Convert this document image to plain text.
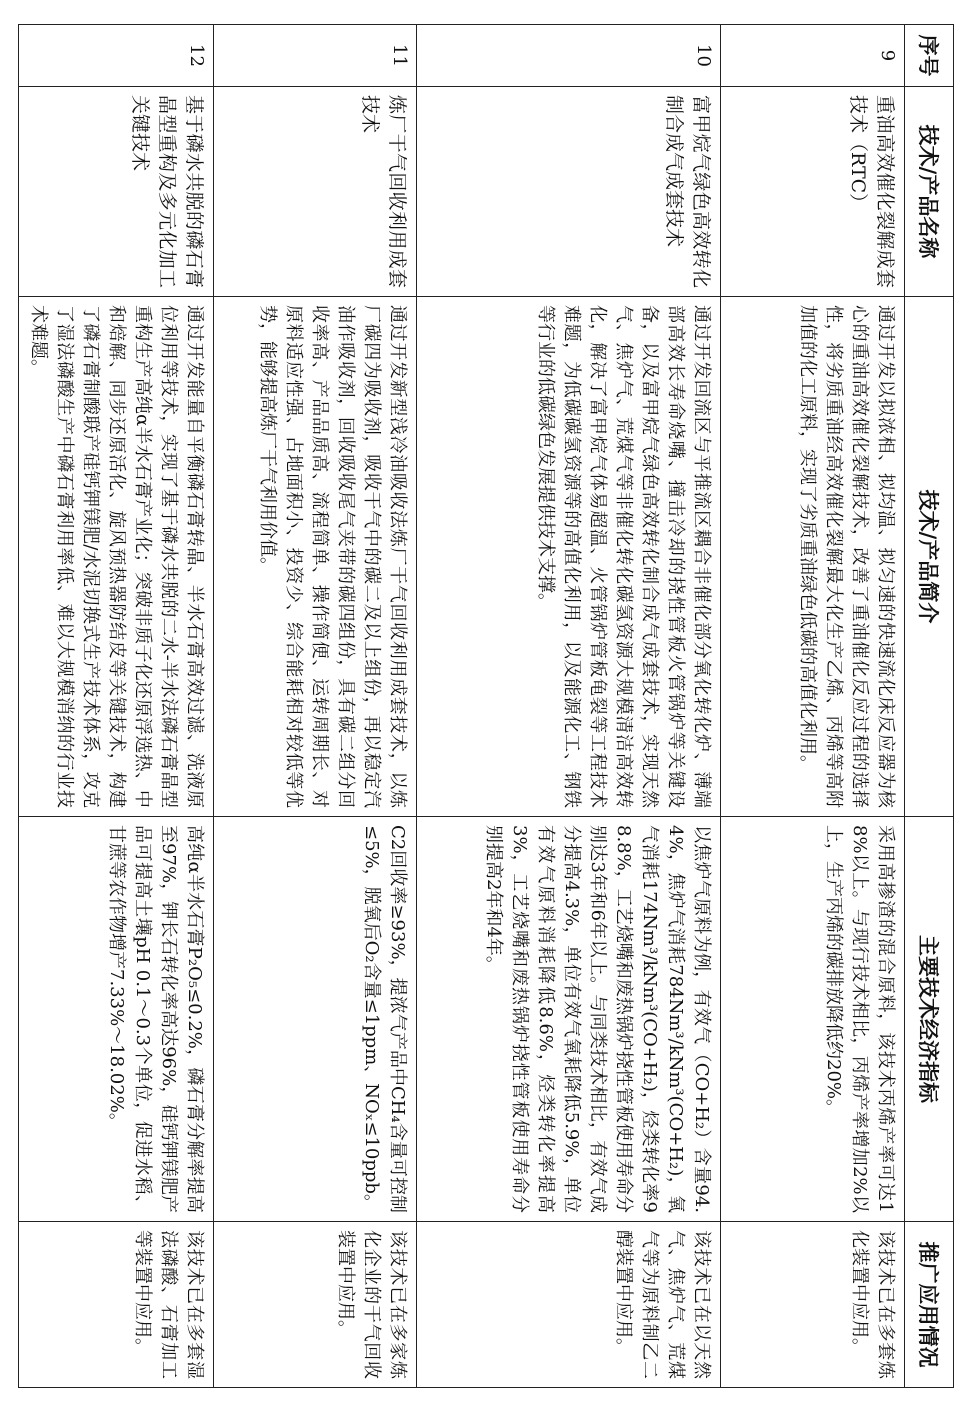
序号	技术/产品名称	技术/产品简介	主要技术经济指标	推广应用情况
9	重油高效催化裂解成套技术（RTC）	通过开发以拟浓相、拟均温、拟匀速的快速流化床反应器为核心的重油高效催化裂解技术，改善了重油催化反应过程的选择性，将劣质重油经高效催化裂解最大化生产乙烯、丙烯等高附加值的化工原料，实现了劣质重油绿色低碳的高值化利用。	采用高掺渣的混合原料，该技术丙烯产率可达18%以上。与现行技术相比，丙烯产率增加2%以上，生产丙烯的碳排放降低约20%。	该技术已在多套炼化装置中应用。
10	富甲烷气绿色高效转化制合成气成套技术	通过开发回流区与平推流区耦合非催化部分氧化转化炉、薄端部高效长寿命烧嘴、撞击冷却的挠性管板火管锅炉等关键设备，以及富甲烷气绿色高效转化制合成气成套技术，实现天然气、焦炉气、荒煤气等非催化转化碳氢资源大规模清洁高效转化，解决了富甲烷气体易超温、火管锅炉管板龟裂等工程技术难题，为低碳碳氢资源等的高值化利用，以及能源化工、钢铁等行业的低碳绿色发展提供技术支撑。	以焦炉气原料为例，有效气（CO+H₂）含量94.4%，焦炉气消耗784Nm³/kNm³(CO+H₂)，氧气消耗174Nm³/kNm³(CO+H₂)，烃类转化率98.8%，工艺烧嘴和废热锅炉挠性管板使用寿命分别达3年和6年以上。与同类技术相比，有效气成分提高4.3%，单位有效气氧耗降低5.9%，单位有效气原料消耗降低8.6%，烃类转化率提高3%，工艺烧嘴和废热锅炉挠性管板使用寿命分别提高2年和4年。	该技术已在以天然气、焦炉气、荒煤气等为原料制乙二醇装置中应用。
11	炼厂干气回收利用成套技术	通过开发新型浅冷油吸收法炼厂干气回收利用成套技术，以炼厂碳四为吸收剂，吸收干气中的碳二及以上组份，再以稳定汽油作吸收剂，回收吸收尾气夹带的碳四组份，具有碳二组分回收率高、产品品质高、流程简单、操作简便、运转周期长、对原料适应性强、占地面积小、投资少、综合能耗相对较低等优势，能够提高炼厂干气利用价值。	C2回收率≥93%，提浓气产品中CH₄含量可控制≤5%，脱氧后O₂含量≤1ppm、NOₓ≤10ppb。	该技术已在多家炼化企业的干气回收装置中应用。
12	基于磷水共脱的磷石膏晶型重构及多元化加工关键技术	通过开发能量自平衡磷石膏转晶、半水石膏高效过滤、洗液原位利用等技术，实现了基于磷水共脱的二水-半水法磷石膏晶型重构生产高纯α半水石膏产业化；突破非质子化还原浮选热、中和焙解、同步还原活化、旋风预热器防结皮等关键技术，构建了磷石膏制酸联产硅钙钾镁肥/水泥切换式生产技术体系，攻克了湿法磷酸生产中磷石膏利用率低、难以大规模消纳的行业技术难题。	高纯α半水石膏P₂O₅≤0.2%，磷石膏分解率提高至97%，钾长石转化率高达96%，硅钙钾镁肥产品可提高土壤pH 0.1～0.3个单位，促进水稻、甘蔗等农作物增产7.33%～18.02%。	该技术已在多套湿法磷酸、石膏加工等装置中应用。
